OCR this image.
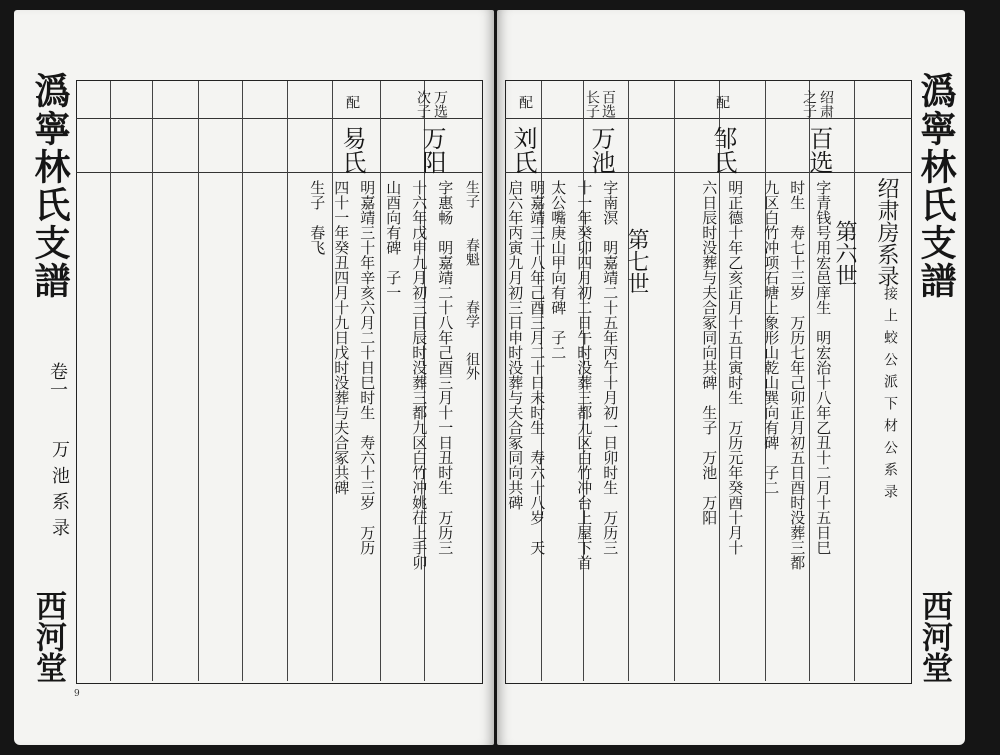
潙寧林氏支譜
卷一
万池系录
西河堂
9
生子
春魁
春学
徂外
万选
次子
万阳
字惠畅　明嘉靖二十八年己酉三月十一日丑时生　万历三
十六年戊申九月初三日辰时没葬三都九区白竹冲姚茌上手卯
山酉向有碑　子一
配
易氏
明嘉靖三十年辛亥六月二十日巳时生　寿六十三岁　万历
四十一年癸丑四月十九日戊时没葬与夫合冢共碑
生子　春飞	潙寧林氏支譜
西河堂
第六世 绍肃房系录
接上蛟公派下材公系录
绍肃
之子
百选
字青钱号用宏邑庠生　明宏治十八年乙丑十二月十五日巳
时生　寿七十三岁　万历七年己卯正月初五日酉时没葬三都
九区白竹冲项石塘上象形山乾山巽向有碑　子二
配
邹氏
明正德十年乙亥正月十五日寅时生　万历元年癸酉十月十
六日辰时没葬与夫合冢同向共碑　生子　万池　万阳
第七世
百选
长子
万池
字南溟　明嘉靖二十五年丙午十月初一日卯时生　万历三
十一年癸卯四月初二日午时没葬三都九区白竹冲台上屋下首
太公嘴庚山甲向有碑　子二
配
刘氏
明嘉靖三十八年己酉三月二十日未时生　寿六十八岁　天
启六年丙寅九月初三日申时没葬与夫合冢同向共碑
